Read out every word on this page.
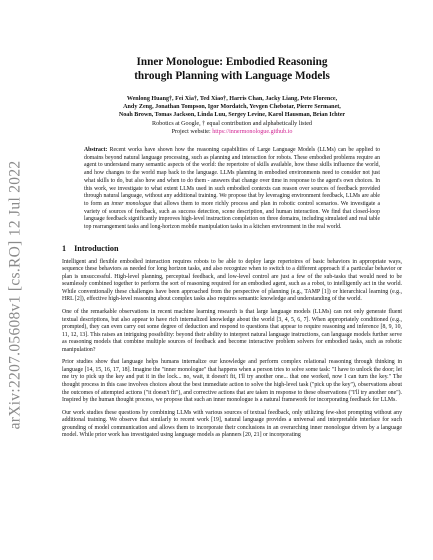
arXiv:2207.05608v1 [cs.RO] 12 Jul 2022
Inner Monologue: Embodied Reasoning
through Planning with Language Models
Wenlong Huang†, Fei Xia†, Ted Xiao†, Harris Chan, Jacky Liang, Pete Florence,
Andy Zeng, Jonathan Tompson, Igor Mordatch, Yevgen Chebotar, Pierre Sermanet,
Noah Brown, Tomas Jackson, Linda Luu, Sergey Levine, Karol Hausman, Brian Ichter
Robotics at Google, † equal contribution and alphabetically listed
Project website: https://innermonologue.github.io
Abstract: Recent works have shown how the reasoning capabilities of Large Language Models (LLMs) can be applied to domains beyond natural language processing, such as planning and interaction for robots. These embodied problems require an agent to understand many semantic aspects of the world: the repertoire of skills available, how these skills influence the world, and how changes to the world map back to the language. LLMs planning in embodied environments need to consider not just what skills to do, but also how and when to do them - answers that change over time in response to the agent's own choices. In this work, we investigate to what extent LLMs used in such embodied contexts can reason over sources of feedback provided through natural language, without any additional training. We propose that by leveraging environment feedback, LLMs are able to form an inner monologue that allows them to more richly process and plan in robotic control scenarios. We investigate a variety of sources of feedback, such as success detection, scene description, and human interaction. We find that closed-loop language feedback significantly improves high-level instruction completion on three domains, including simulated and real table top rearrangement tasks and long-horizon mobile manipulation tasks in a kitchen environment in the real world.
1 Introduction

Intelligent and flexible embodied interaction requires robots to be able to deploy large repertoires of basic behaviors in appropriate ways, sequence these behaviors as needed for long horizon tasks, and also recognize when to switch to a different approach if a particular behavior or plan is unsuccessful. High-level planning, perceptual feedback, and low-level control are just a few of the sub-tasks that would need to be seamlessly combined together to perform the sort of reasoning required for an embodied agent, such as a robot, to intelligently act in the world. While conventionally these challenges have been approached from the perspective of planning (e.g., TAMP [1]) or hierarchical learning (e.g., HRL [2]), effective high-level reasoning about complex tasks also requires semantic knowledge and understanding of the world.

One of the remarkable observations in recent machine learning research is that large language models (LLMs) can not only generate fluent textual descriptions, but also appear to have rich internalized knowledge about the world [3, 4, 5, 6, 7]. When appropriately conditioned (e.g., prompted), they can even carry out some degree of deduction and respond to questions that appear to require reasoning and inference [8, 9, 10, 11, 12, 13]. This raises an intriguing possibility: beyond their ability to interpret natural language instructions, can language models further serve as reasoning models that combine multiple sources of feedback and become interactive problem solvers for embodied tasks, such as robotic manipulation?

Prior studies show that language helps humans internalize our knowledge and perform complex relational reasoning through thinking in language [14, 15, 16, 17, 18]. Imagine the "inner monologue" that happens when a person tries to solve some task: "I have to unlock the door; let me try to pick up the key and put it in the lock... no, wait, it doesn't fit, I'll try another one... that one worked, now I can turn the key." The thought process in this case involves choices about the best immediate action to solve the high-level task ("pick up the key"), observations about the outcomes of attempted actions ("it doesn't fit"), and corrective actions that are taken in response to these observations ("I'll try another one"). Inspired by the human thought process, we propose that such an inner monologue is a natural framework for incorporating feedback for LLMs.

Our work studies these questions by combining LLMs with various sources of textual feedback, only utilizing few-shot prompting without any additional training. We observe that similarly to recent work [19], natural language provides a universal and interpretable interface for such grounding of model communication and allows them to incorporate their conclusions in an overarching inner monologue driven by a language model. While prior work has investigated using language models as planners [20, 21] or incorporating
